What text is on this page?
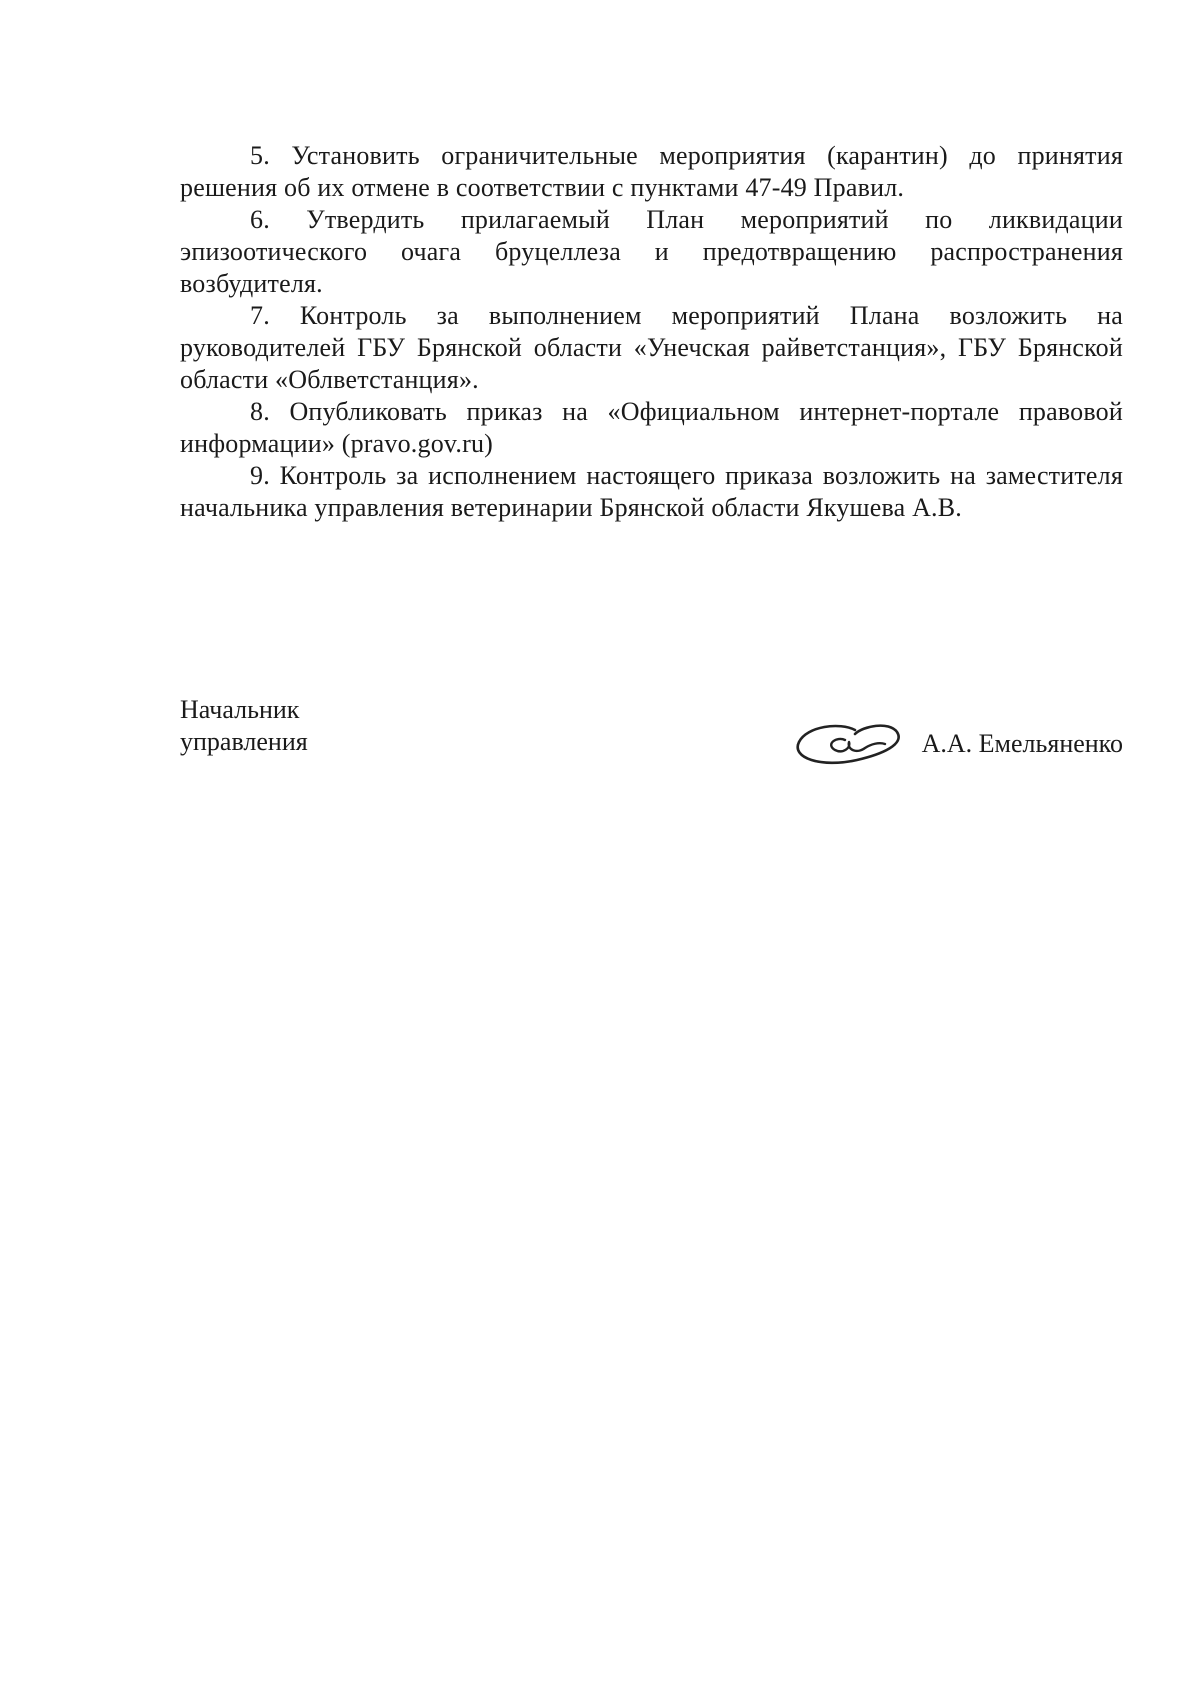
5. Установить ограничительные мероприятия (карантин) до принятия решения об их отмене в соответствии с пунктами 47-49 Правил.

6. Утвердить прилагаемый План мероприятий по ликвидации эпизоотического очага бруцеллеза и предотвращению распространения возбудителя.

7. Контроль за выполнением мероприятий Плана возложить на руководителей ГБУ Брянской области «Унечская райветстанция», ГБУ Брянской области «Облветстанция».

8. Опубликовать приказ на «Официальном интернет-портале правовой информации» (pravo.gov.ru)

9. Контроль за исполнением настоящего приказа возложить на заместителя начальника управления ветеринарии Брянской области Якушева А.В.

Начальник
управления	А.А. Емельяненко
